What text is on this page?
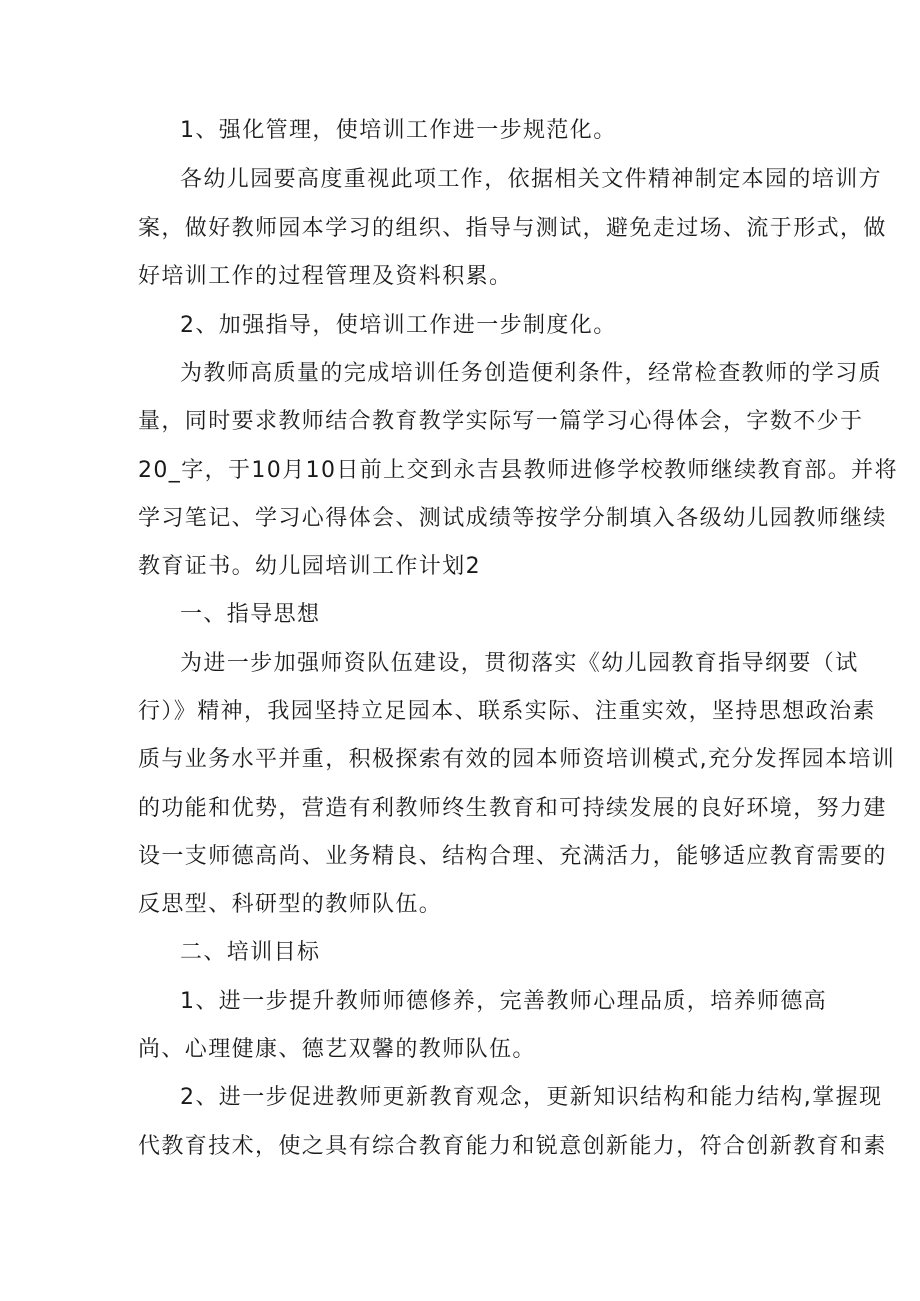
1、强化管理，使培训工作进一步规范化。
各幼儿园要高度重视此项工作，依据相关文件精神制定本园的培训方
案，做好教师园本学习的组织、指导与测试，避免走过场、流于形式，做
好培训工作的过程管理及资料积累。
2、加强指导，使培训工作进一步制度化。
为教师高质量的完成培训任务创造便利条件，经常检查教师的学习质
量，同时要求教师结合教育教学实际写一篇学习心得体会，字数不少于
20_字，于10月10日前上交到永吉县教师进修学校教师继续教育部。并将
学习笔记、学习心得体会、测试成绩等按学分制填入各级幼儿园教师继续
教育证书。幼儿园培训工作计划2
一、指导思想
为进一步加强师资队伍建设，贯彻落实《幼儿园教育指导纲要（试
行）》精神，我园坚持立足园本、联系实际、注重实效，坚持思想政治素
质与业务水平并重，积极探索有效的园本师资培训模式,充分发挥园本培训
的功能和优势，营造有利教师终生教育和可持续发展的良好环境，努力建
设一支师德高尚、业务精良、结构合理、充满活力，能够适应教育需要的
反思型、科研型的教师队伍。
二、培训目标
1、进一步提升教师师德修养，完善教师心理品质，培养师德高
尚、心理健康、德艺双馨的教师队伍。
2、进一步促进教师更新教育观念，更新知识结构和能力结构,掌握现
代教育技术，使之具有综合教育能力和锐意创新能力，符合创新教育和素
